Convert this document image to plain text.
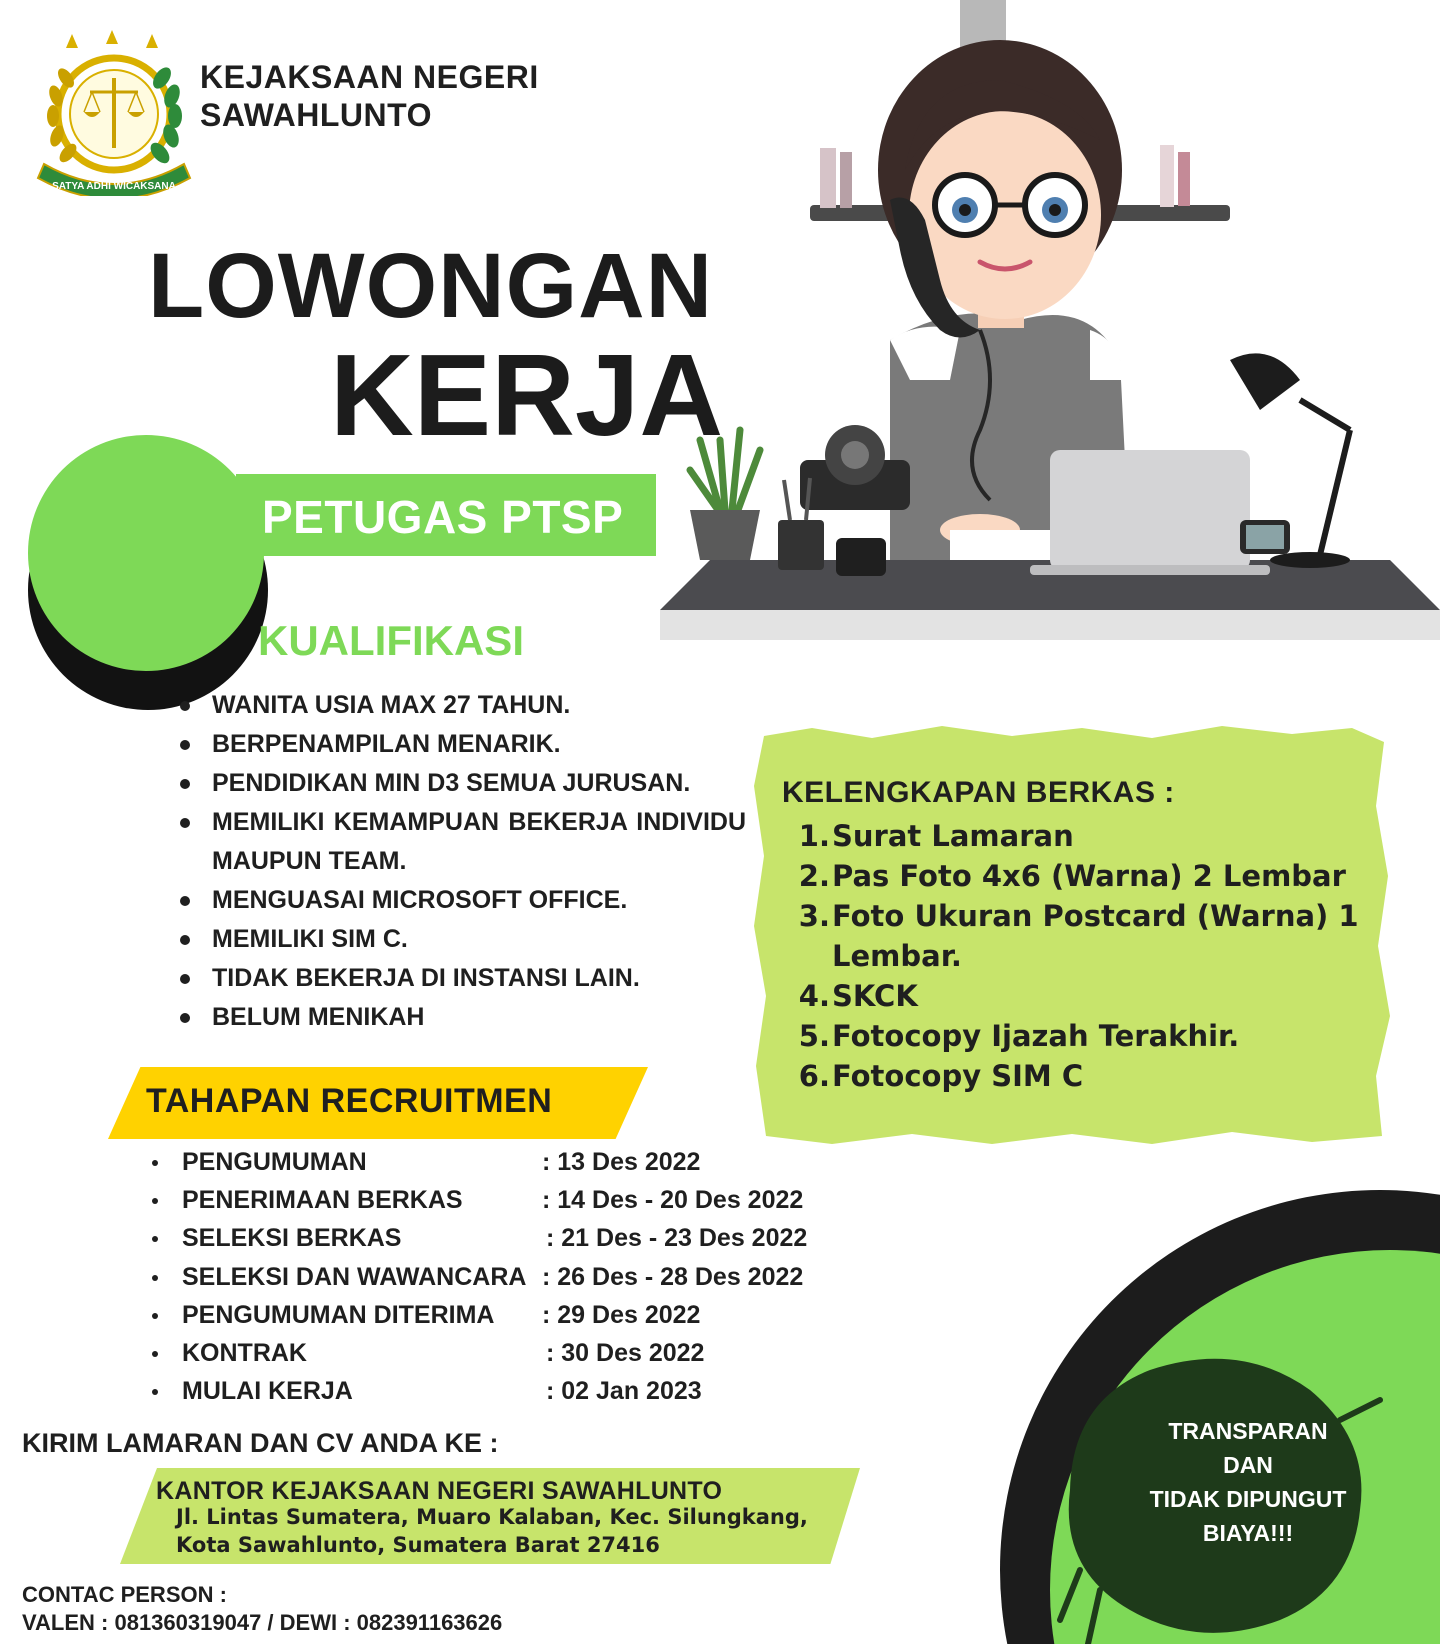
SATYA ADHI WICAKSANA
KEJAKSAAN NEGERI
SAWAHLUNTO
LOWONGAN
KERJA
PETUGAS PTSP
KUALIFIKASI
WANITA USIA MAX 27 TAHUN.
BERPENAMPILAN MENARIK.
PENDIDIKAN MIN D3 SEMUA JURUSAN.
MEMILIKI KEMAMPUAN BEKERJA INDIVIDU MAUPUN TEAM.
MENGUASAI MICROSOFT OFFICE.
MEMILIKI SIM C.
TIDAK BEKERJA DI INSTANSI LAIN.
BELUM MENIKAH
KELENGKAPAN BERKAS :
1. Surat Lamaran
2. Pas Foto 4x6 (Warna) 2 Lembar
3. Foto Ukuran Postcard (Warna) 1 Lembar.
4. SKCK
5. Fotocopy Ijazah Terakhir.
6. Fotocopy SIM C
TAHAPAN RECRUITMEN
PENGUMUMAN	: 13 Des 2022
PENERIMAAN BERKAS	: 14 Des - 20 Des 2022
SELEKSI BERKAS	: 21 Des - 23 Des 2022
SELEKSI DAN WAWANCARA : 26 Des - 28 Des 2022
PENGUMUMAN DITERIMA : 29 Des 2022
KONTRAK	: 30 Des 2022
MULAI KERJA	: 02 Jan 2023
KIRIM LAMARAN DAN CV ANDA KE :
KANTOR KEJAKSAAN NEGERI SAWAHLUNTO
Jl. Lintas Sumatera, Muaro Kalaban, Kec. Silungkang,
Kota Sawahlunto, Sumatera Barat 27416
CONTAC PERSON :
VALEN : 081360319047 / DEWI : 082391163626
TRANSPARAN
DAN
TIDAK DIPUNGUT
BIAYA!!!
